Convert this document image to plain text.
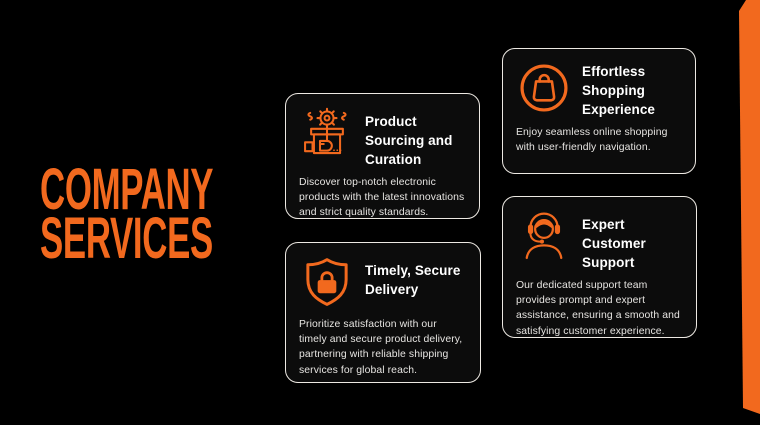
COMPANY
SERVICES
Product Sourcing and Curation

Discover top-notch electronic products with the latest innovations and strict quality standards.

Effortless Shopping Experience

Enjoy seamless online shopping with user-friendly navigation.

Timely, Secure Delivery

Prioritize satisfaction with our timely and secure product delivery, partnering with reliable shipping services for global reach.

Expert Customer Support

Our dedicated support team provides prompt and expert assistance, ensuring a smooth and satisfying customer experience.
